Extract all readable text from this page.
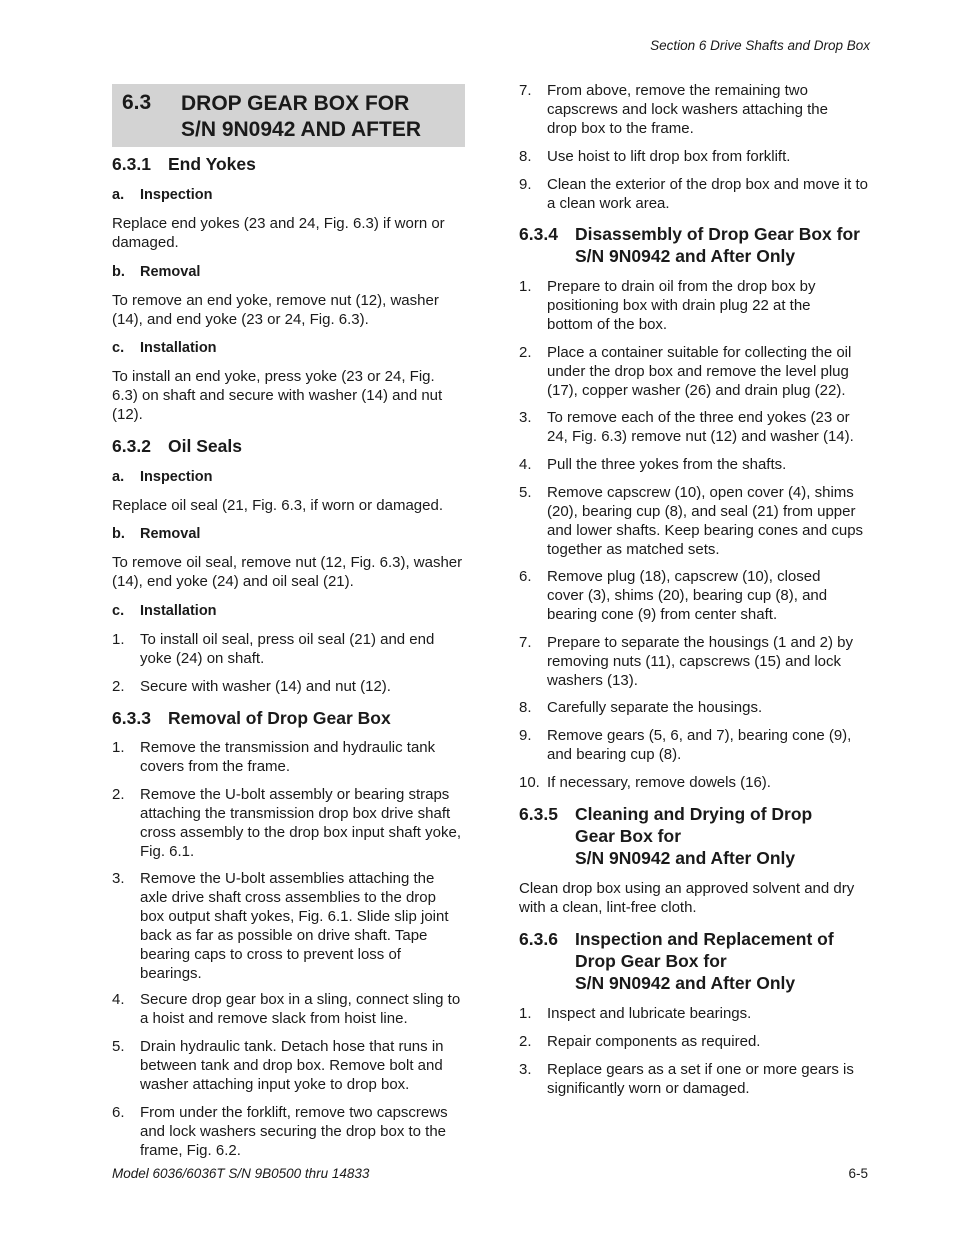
Section 6 Drive Shafts and Drop Box
6.3 DROP GEAR BOX FOR
S/N 9N0942 AND AFTER
6.3.1 End Yokes
a. Inspection
Replace end yokes (23 and 24, Fig. 6.3) if worn or damaged.
b. Removal
To remove an end yoke, remove nut (12), washer (14), and end yoke (23 or 24, Fig. 6.3).
c. Installation
To install an end yoke, press yoke (23 or 24, Fig. 6.3) on shaft and secure with washer (14) and nut (12).
6.3.2 Oil Seals
a. Inspection
Replace oil seal (21, Fig. 6.3, if worn or damaged.
b. Removal
To remove oil seal, remove nut (12, Fig. 6.3), washer (14), end yoke (24) and oil seal (21).
c. Installation
1. To install oil seal, press oil seal (21) and end yoke (24) on shaft.
2. Secure with washer (14) and nut (12).
6.3.3 Removal of Drop Gear Box
1. Remove the transmission and hydraulic tank covers from the frame.
2. Remove the U-bolt assembly or bearing straps attaching the transmission drop box drive shaft cross assembly to the drop box input shaft yoke, Fig. 6.1.
3. Remove the U-bolt assemblies attaching the axle drive shaft cross assemblies to the drop box output shaft yokes, Fig. 6.1. Slide slip joint back as far as possible on drive shaft. Tape bearing caps to cross to prevent loss of bearings.
4. Secure drop gear box in a sling, connect sling to a hoist and remove slack from hoist line.
5. Drain hydraulic tank. Detach hose that runs in between tank and drop box. Remove bolt and washer attaching input yoke to drop box.
6. From under the forklift, remove two capscrews and lock washers securing the drop box to the frame, Fig. 6.2.
7. From above, remove the remaining two capscrews and lock washers attaching the drop box to the frame.
8. Use hoist to lift drop box from forklift.
9. Clean the exterior of the drop box and move it to a clean work area.
6.3.4 Disassembly of Drop Gear Box for S/N 9N0942 and After Only
1. Prepare to drain oil from the drop box by positioning box with drain plug 22 at the bottom of the box.
2. Place a container suitable for collecting the oil under the drop box and remove the level plug (17), copper washer (26) and drain plug (22).
3. To remove each of the three end yokes (23 or 24, Fig. 6.3) remove nut (12) and washer (14).
4. Pull the three yokes from the shafts.
5. Remove capscrew (10), open cover (4), shims (20), bearing cup (8), and seal (21) from upper and lower shafts. Keep bearing cones and cups together as matched sets.
6. Remove plug (18), capscrew (10), closed cover (3), shims (20), bearing cup (8), and bearing cone (9) from center shaft.
7. Prepare to separate the housings (1 and 2) by removing nuts (11), capscrews (15) and lock washers (13).
8. Carefully separate the housings.
9. Remove gears (5, 6, and 7), bearing cone (9), and bearing cup (8).
10. If necessary, remove dowels (16).
6.3.5 Cleaning and Drying of Drop
Gear Box for
S/N 9N0942 and After Only
Clean drop box using an approved solvent and dry with a clean, lint-free cloth.
6.3.6 Inspection and Replacement of
Drop Gear Box for
S/N 9N0942 and After Only
1. Inspect and lubricate bearings.
2. Repair components as required.
3. Replace gears as a set if one or more gears is significantly worn or damaged.
Model 6036/6036T S/N 9B0500 thru 14833	6-5
